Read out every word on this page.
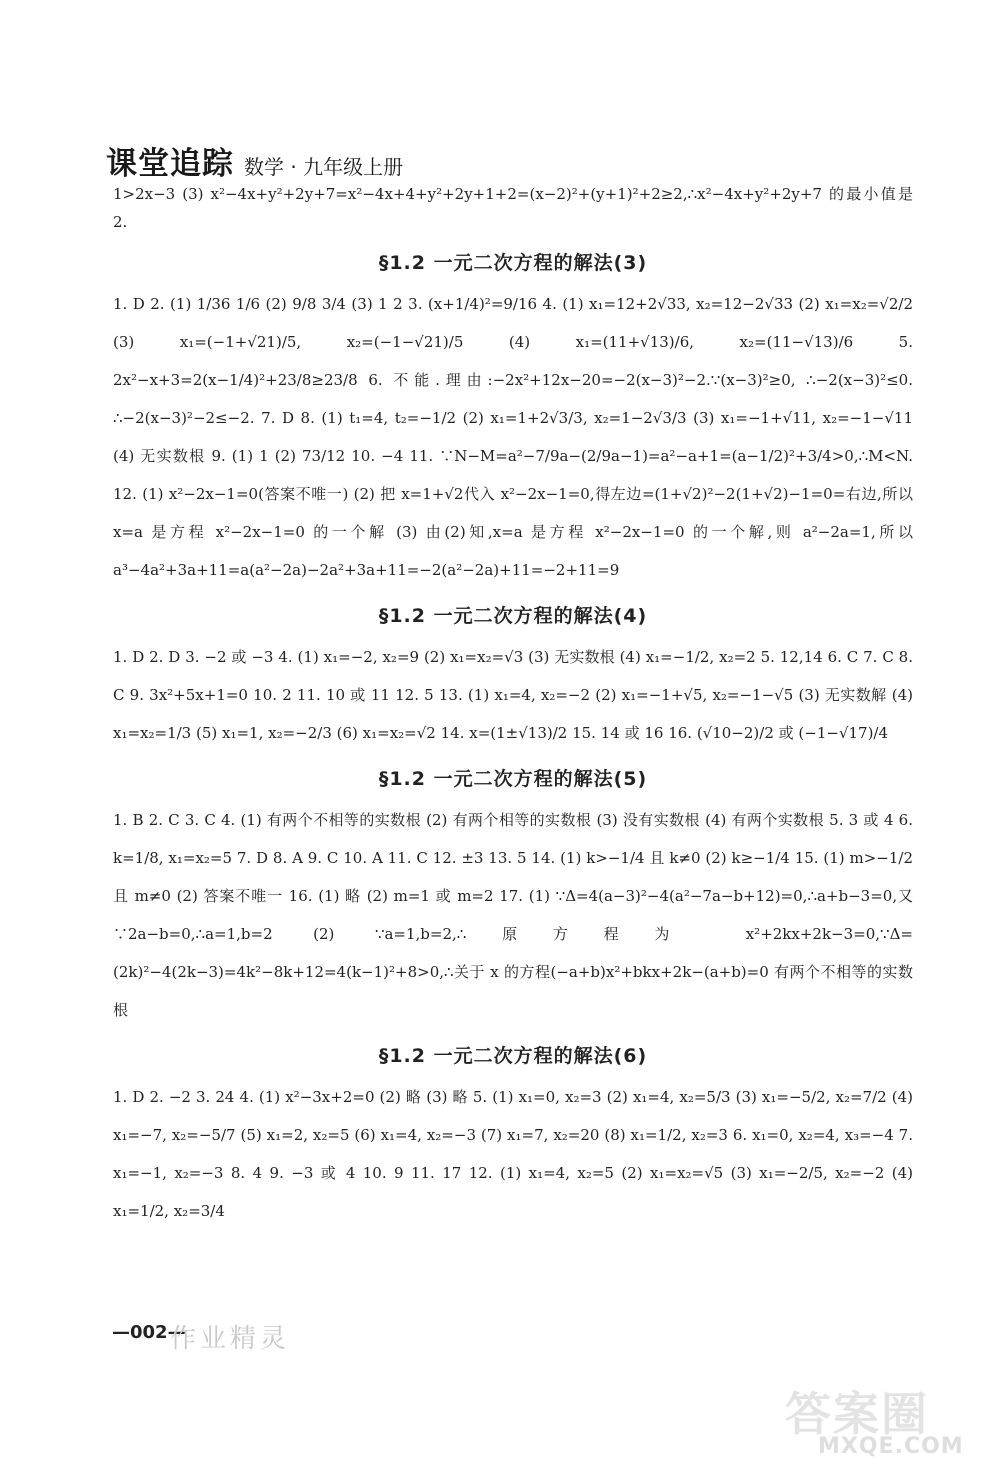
课堂追踪 数学 · 九年级上册

1>2x−3 (3) x²−4x+y²+2y+7=x²−4x+4+y²+2y+1+2=(x−2)²+(y+1)²+2≥2,∴x²−4x+y²+2y+7 的最小值是 2.

§1.2 一元二次方程的解法(3)

1. D 2. (1) 1/36 1/6 (2) 9/8 3/4 (3) 1 2 3. (x+1/4)²=9/16 4. (1) x₁=12+2√33, x₂=12−2√33 (2) x₁=x₂=√2/2 (3) x₁=(−1+√21)/5, x₂=(−1−√21)/5 (4) x₁=(11+√13)/6, x₂=(11−√13)/6 5. 2x²−x+3=2(x−1/4)²+23/8≥23/8 6. 不能.理由:−2x²+12x−20=−2(x−3)²−2.∵(x−3)²≥0, ∴−2(x−3)²≤0. ∴−2(x−3)²−2≤−2. 7. D 8. (1) t₁=4, t₂=−1/2 (2) x₁=1+2√3/3, x₂=1−2√3/3 (3) x₁=−1+√11, x₂=−1−√11 (4) 无实数根 9. (1) 1 (2) 73/12 10. −4 11. ∵N−M=a²−7/9a−(2/9a−1)=a²−a+1=(a−1/2)²+3/4>0,∴M<N. 12. (1) x²−2x−1=0(答案不唯一) (2) 把 x=1+√2代入 x²−2x−1=0,得左边=(1+√2)²−2(1+√2)−1=0=右边,所以 x=a 是方程 x²−2x−1=0 的一个解 (3) 由(2)知,x=a 是方程 x²−2x−1=0 的一个解,则 a²−2a=1,所以 a³−4a²+3a+11=a(a²−2a)−2a²+3a+11=−2(a²−2a)+11=−2+11=9

§1.2 一元二次方程的解法(4)

1. D 2. D 3. −2 或 −3 4. (1) x₁=−2, x₂=9 (2) x₁=x₂=√3 (3) 无实数根 (4) x₁=−1/2, x₂=2 5. 12,14 6. C 7. C 8. C 9. 3x²+5x+1=0 10. 2 11. 10 或 11 12. 5 13. (1) x₁=4, x₂=−2 (2) x₁=−1+√5, x₂=−1−√5 (3) 无实数解 (4) x₁=x₂=1/3 (5) x₁=1, x₂=−2/3 (6) x₁=x₂=√2 14. x=(1±√13)/2 15. 14 或 16 16. (√10−2)/2 或 (−1−√17)/4

§1.2 一元二次方程的解法(5)

1. B 2. C 3. C 4. (1) 有两个不相等的实数根 (2) 有两个相等的实数根 (3) 没有实数根 (4) 有两个实数根 5. 3 或 4 6. k=1/8, x₁=x₂=5 7. D 8. A 9. C 10. A 11. C 12. ±3 13. 5 14. (1) k>−1/4 且 k≠0 (2) k≥−1/4 15. (1) m>−1/2 且 m≠0 (2) 答案不唯一 16. (1) 略 (2) m=1 或 m=2 17. (1) ∵Δ=4(a−3)²−4(a²−7a−b+12)=0,∴a+b−3=0,又∵2a−b=0,∴a=1,b=2 (2) ∵a=1,b=2,∴原方程为 x²+2kx+2k−3=0,∵Δ=(2k)²−4(2k−3)=4k²−8k+12=4(k−1)²+8>0,∴关于 x 的方程(−a+b)x²+bkx+2k−(a+b)=0 有两个不相等的实数根

§1.2 一元二次方程的解法(6)

1. D 2. −2 3. 24 4. (1) x²−3x+2=0 (2) 略 (3) 略 5. (1) x₁=0, x₂=3 (2) x₁=4, x₂=5/3 (3) x₁=−5/2, x₂=7/2 (4) x₁=−7, x₂=−5/7 (5) x₁=2, x₂=5 (6) x₁=4, x₂=−3 (7) x₁=7, x₂=20 (8) x₁=1/2, x₂=3 6. x₁=0, x₂=4, x₃=−4 7. x₁=−1, x₂=−3 8. 4 9. −3 或 4 10. 9 11. 17 12. (1) x₁=4, x₂=5 (2) x₁=x₂=√5 (3) x₁=−2/5, x₂=−2 (4) x₁=1/2, x₂=3/4

—002—
作业精灵
答案圈
MXQE.COM
